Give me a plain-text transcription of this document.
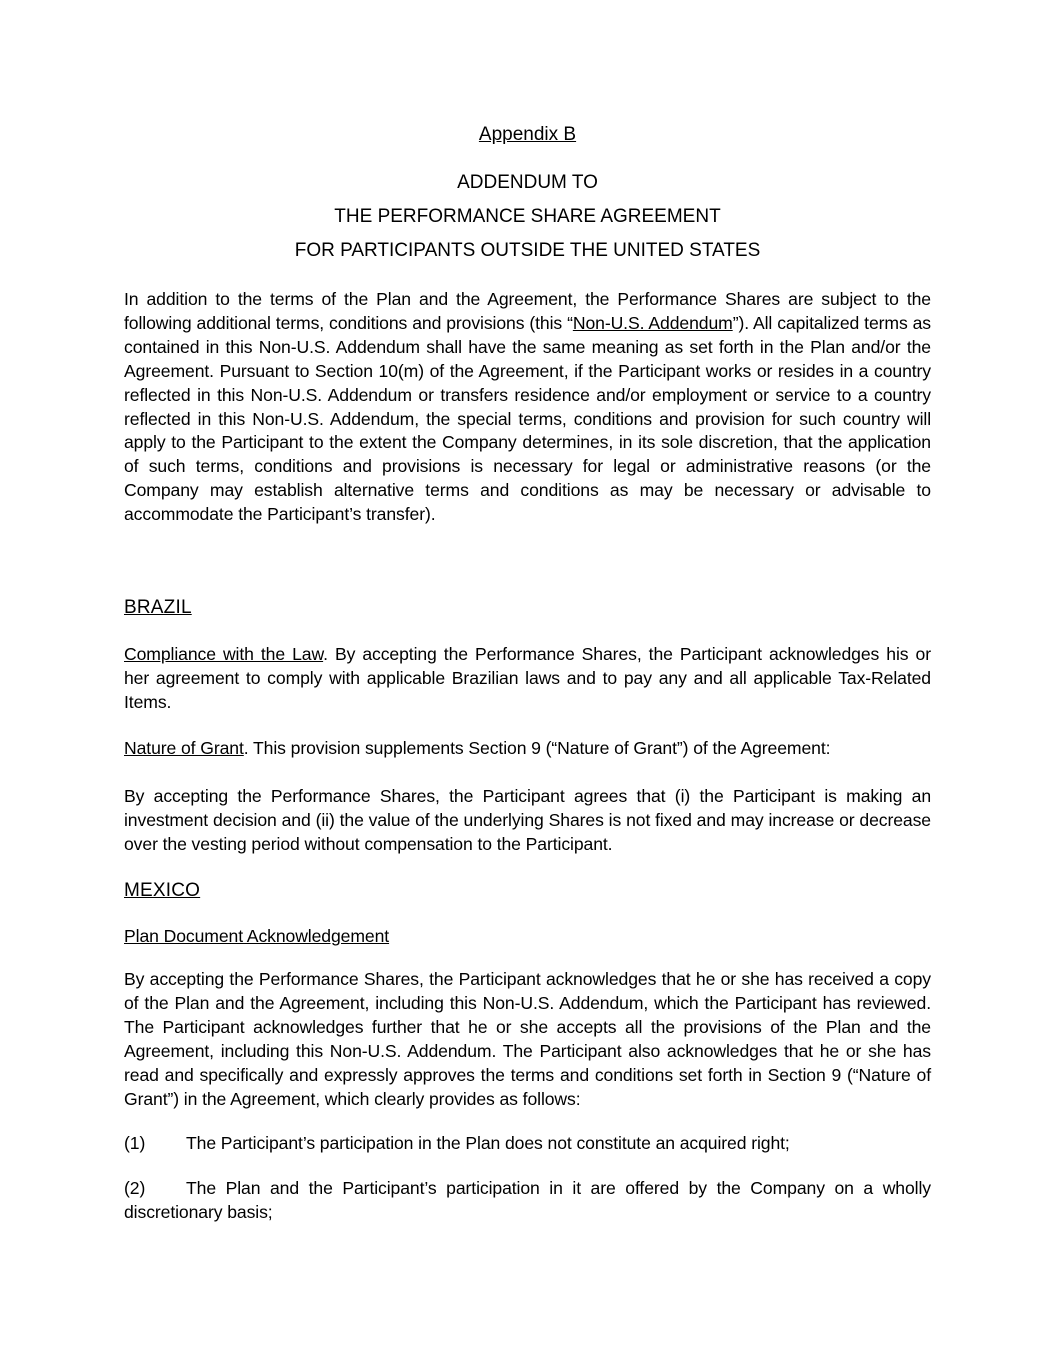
Appendix B

ADDENDUM TO

THE PERFORMANCE SHARE AGREEMENT

FOR PARTICIPANTS OUTSIDE THE UNITED STATES

In addition to the terms of the Plan and the Agreement, the Performance Shares are subject to the following additional terms, conditions and provisions (this “Non-U.S. Addendum”). All capitalized terms as contained in this Non-U.S. Addendum shall have the same meaning as set forth in the Plan and/or the Agreement. Pursuant to Section 10(m) of the Agreement, if the Participant works or resides in a country reflected in this Non-U.S. Addendum or transfers residence and/or employment or service to a country reflected in this Non-U.S. Addendum, the special terms, conditions and provision for such country will apply to the Participant to the extent the Company determines, in its sole discretion, that the application of such terms, conditions and provisions is necessary for legal or administrative reasons (or the Company may establish alternative terms and conditions as may be necessary or advisable to accommodate the Participant’s transfer).

BRAZIL

Compliance with the Law. By accepting the Performance Shares, the Participant acknowledges his or her agreement to comply with applicable Brazilian laws and to pay any and all applicable Tax-Related Items.

Nature of Grant. This provision supplements Section 9 (“Nature of Grant”) of the Agreement:

By accepting the Performance Shares, the Participant agrees that (i) the Participant is making an investment decision and (ii) the value of the underlying Shares is not fixed and may increase or decrease over the vesting period without compensation to the Participant.

MEXICO

Plan Document Acknowledgement

By accepting the Performance Shares, the Participant acknowledges that he or she has received a copy of the Plan and the Agreement, including this Non-U.S. Addendum, which the Participant has reviewed. The Participant acknowledges further that he or she accepts all the provisions of the Plan and the Agreement, including this Non-U.S. Addendum. The Participant also acknowledges that he or she has read and specifically and expressly approves the terms and conditions set forth in Section 9 (“Nature of Grant”) in the Agreement, which clearly provides as follows:

(1) The Participant’s participation in the Plan does not constitute an acquired right;

(2) The Plan and the Participant’s participation in it are offered by the Company on a wholly discretionary basis;
